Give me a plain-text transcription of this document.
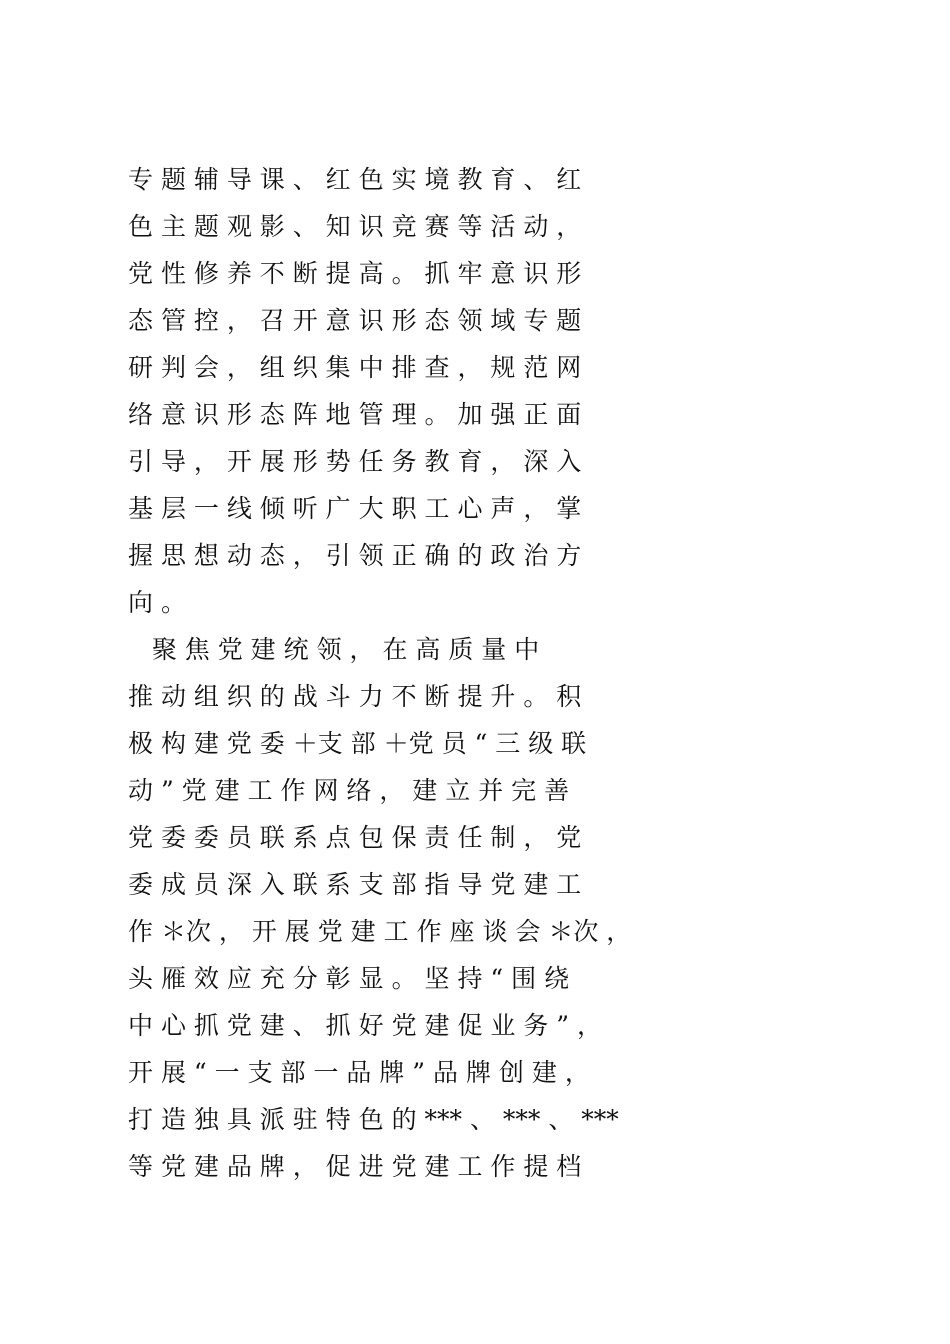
专 题 辅 导 课 、 红 色 实 境 教 育 、 红
色 主 题 观 影 、 知 识 竞 赛 等 活 动 ，
党 性 修 养 不 断 提 高 。 抓 牢 意 识 形
态 管 控 ， 召 开 意 识 形 态 领 域 专 题
研 判 会 ， 组 织 集 中 排 查 ， 规 范 网
络 意 识 形 态 阵 地 管 理 。 加 强 正 面
引 导 ， 开 展 形 势 任 务 教 育 ， 深 入
基 层 一 线 倾 听 广 大 职 工 心 声 ， 掌
握 思 想 动 态 ， 引 领 正 确 的 政 治 方
向 。
聚 焦 党 建 统 领 ， 在 高 质 量 中
推 动 组 织 的 战 斗 力 不 断 提 升 。 积
极 构 建 党 委 ＋支 部 ＋党 员 “ 三 级 联
动 ” 党 建 工 作 网 络 ， 建 立 并 完 善
党 委 委 员 联 系 点 包 保 责 任 制 ， 党
委 成 员 深 入 联 系 支 部 指 导 党 建 工
作 ＊次 ， 开 展 党 建 工 作 座 谈 会 ＊次 ，
头 雁 效 应 充 分 彰 显 。 坚 持 “ 围 绕
中 心 抓 党 建 、 抓 好 党 建 促 业 务 ” ，
开 展 “ 一 支 部 一 品 牌 ” 品 牌 创 建 ，
打 造 独 具 派 驻 特 色 的 *** 、 *** 、 ***
等 党 建 品 牌 ， 促 进 党 建 工 作 提 档
